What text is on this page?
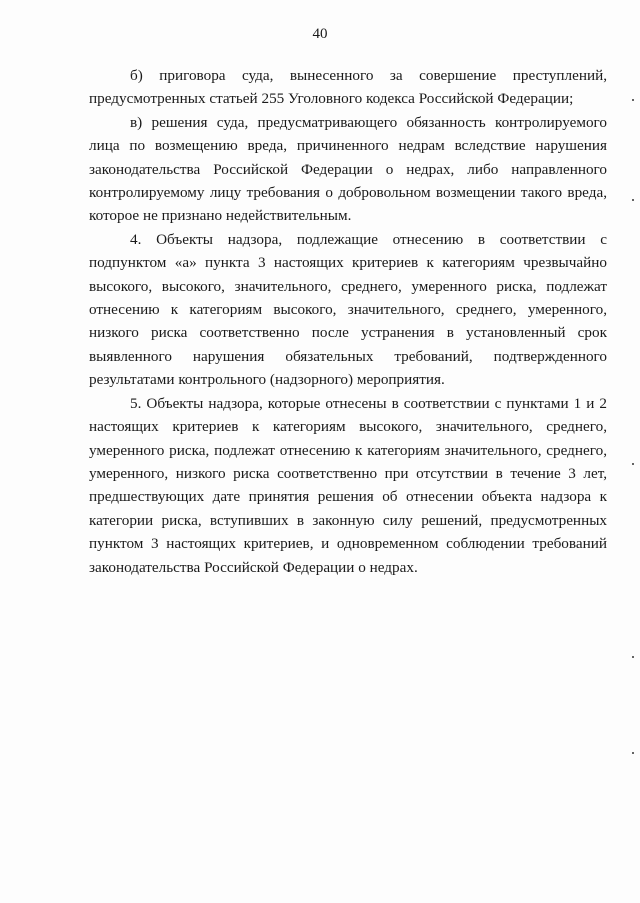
40

б) приговора суда, вынесенного за совершение преступлений, предусмотренных статьей 255 Уголовного кодекса Российской Федерации;

в) решения суда, предусматривающего обязанность контролируемого лица по возмещению вреда, причиненного недрам вследствие нарушения законодательства Российской Федерации о недрах, либо направленного контролируемому лицу требования о добровольном возмещении такого вреда, которое не признано недействительным.

4. Объекты надзора, подлежащие отнесению в соответствии с подпунктом «а» пункта 3 настоящих критериев к категориям чрезвычайно высокого, высокого, значительного, среднего, умеренного риска, подлежат отнесению к категориям высокого, значительного, среднего, умеренного, низкого риска соответственно после устранения в установленный срок выявленного нарушения обязательных требований, подтвержденного результатами контрольного (надзорного) мероприятия.

5. Объекты надзора, которые отнесены в соответствии с пунктами 1 и 2 настоящих критериев к категориям высокого, значительного, среднего, умеренного риска, подлежат отнесению к категориям значительного, среднего, умеренного, низкого риска соответственно при отсутствии в течение 3 лет, предшествующих дате принятия решения об отнесении объекта надзора к категории риска, вступивших в законную силу решений, предусмотренных пунктом 3 настоящих критериев, и одновременном соблюдении требований законодательства Российской Федерации о недрах.
